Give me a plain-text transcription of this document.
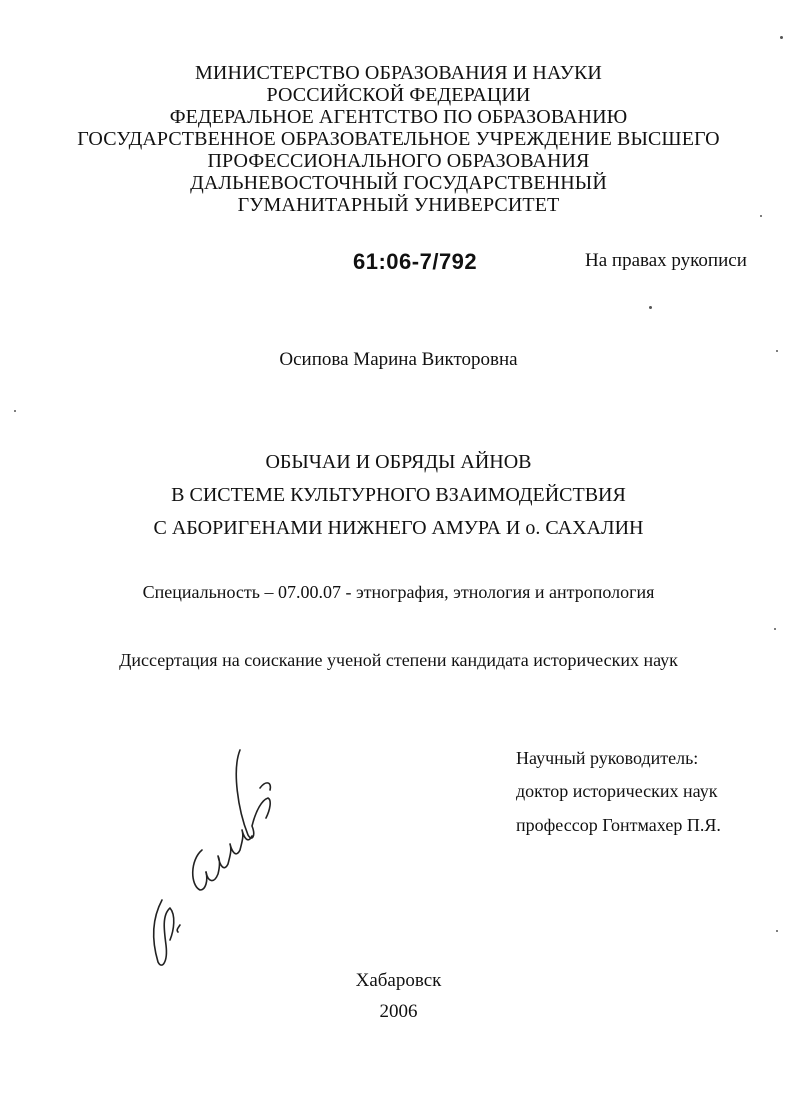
МИНИСТЕРСТВО ОБРАЗОВАНИЯ И НАУКИ
РОССИЙСКОЙ ФЕДЕРАЦИИ
ФЕДЕРАЛЬНОЕ АГЕНТСТВО ПО ОБРАЗОВАНИЮ
ГОСУДАРСТВЕННОЕ ОБРАЗОВАТЕЛЬНОЕ УЧРЕЖДЕНИЕ ВЫСШЕГО
ПРОФЕССИОНАЛЬНОГО ОБРАЗОВАНИЯ
ДАЛЬНЕВОСТОЧНЫЙ ГОСУДАРСТВЕННЫЙ
ГУМАНИТАРНЫЙ УНИВЕРСИТЕТ
61:06-7/792	На правах рукописи
Осипова Марина Викторовна
ОБЫЧАИ И ОБРЯДЫ АЙНОВ
В СИСТЕМЕ КУЛЬТУРНОГО ВЗАИМОДЕЙСТВИЯ
С АБОРИГЕНАМИ НИЖНЕГО АМУРА И о. САХАЛИН
Специальность – 07.00.07 - этнография, этнология и антропология
Диссертация на соискание ученой степени кандидата исторических наук
Научный руководитель:
доктор исторических наук
профессор Гонтмахер П.Я.
Хабаровск
2006
